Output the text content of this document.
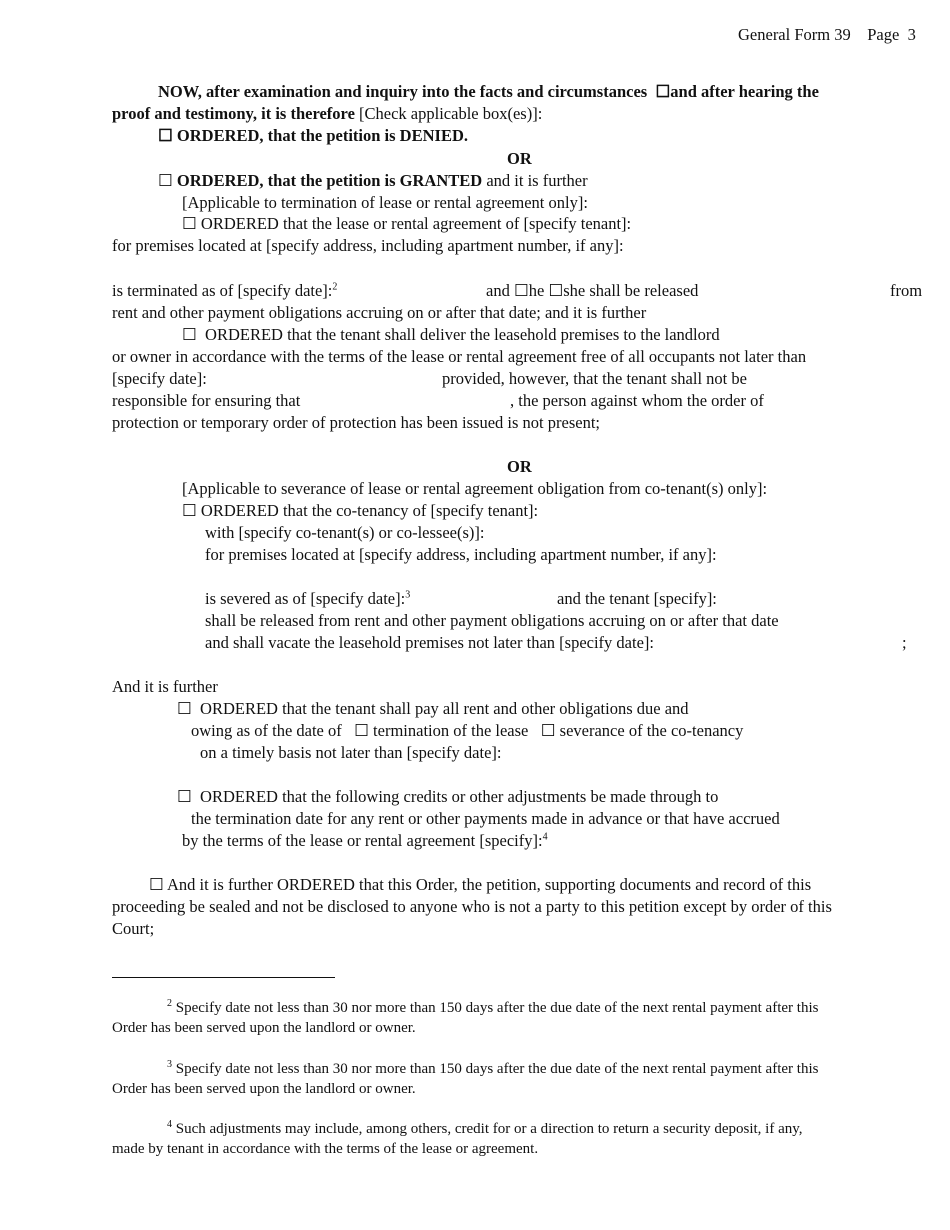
General Form 39 Page 3
NOW, after examination and inquiry into the facts and circumstances ☐and after hearing the
proof and testimony, it is therefore [Check applicable box(es)]:
☐ ORDERED, that the petition is DENIED.
OR
☐ ORDERED, that the petition is GRANTED and it is further
[Applicable to termination of lease or rental agreement only]:
☐ ORDERED that the lease or rental agreement of [specify tenant]:
for premises located at [specify address, including apartment number, if any]:
is terminated as of [specify date]:$^2$	and ☐he ☐she shall be released	from
rent and other payment obligations accruing on or after that date; and it is further
☐ ORDERED that the tenant shall deliver the leasehold premises to the landlord
or owner in accordance with the terms of the lease or rental agreement free of all occupants not later than
[specify date]:	provided, however, that the tenant shall not be
responsible for ensuring that	, the person against whom the order of
protection or temporary order of protection has been issued is not present;
OR
[Applicable to severance of lease or rental agreement obligation from co-tenant(s) only]:
☐ ORDERED that the co-tenancy of [specify tenant]:
with [specify co-tenant(s) or co-lessee(s)]:
for premises located at [specify address, including apartment number, if any]:
is severed as of [specify date]:$^3$	and the tenant [specify]:
shall be released from rent and other payment obligations accruing on or after that date
and shall vacate the leasehold premises not later than [specify date]:	;
And it is further
☐ ORDERED that the tenant shall pay all rent and other obligations due and
owing as of the date of ☐ termination of the lease ☐ severance of the co-tenancy
on a timely basis not later than [specify date]:
☐ ORDERED that the following credits or other adjustments be made through to
the termination date for any rent or other payments made in advance or that have accrued
by the terms of the lease or rental agreement [specify]:$^4$
☐ And it is further ORDERED that this Order, the petition, supporting documents and record of this
proceeding be sealed and not be disclosed to anyone who is not a party to this petition except by order of this
Court;
$^2$ Specify date not less than 30 nor more than 150 days after the due date of the next rental payment after this
Order has been served upon the landlord or owner.
$^3$ Specify date not less than 30 nor more than 150 days after the due date of the next rental payment after this
Order has been served upon the landlord or owner.
$^4$ Such adjustments may include, among others, credit for or a direction to return a security deposit, if any,
made by tenant in accordance with the terms of the lease or agreement.
